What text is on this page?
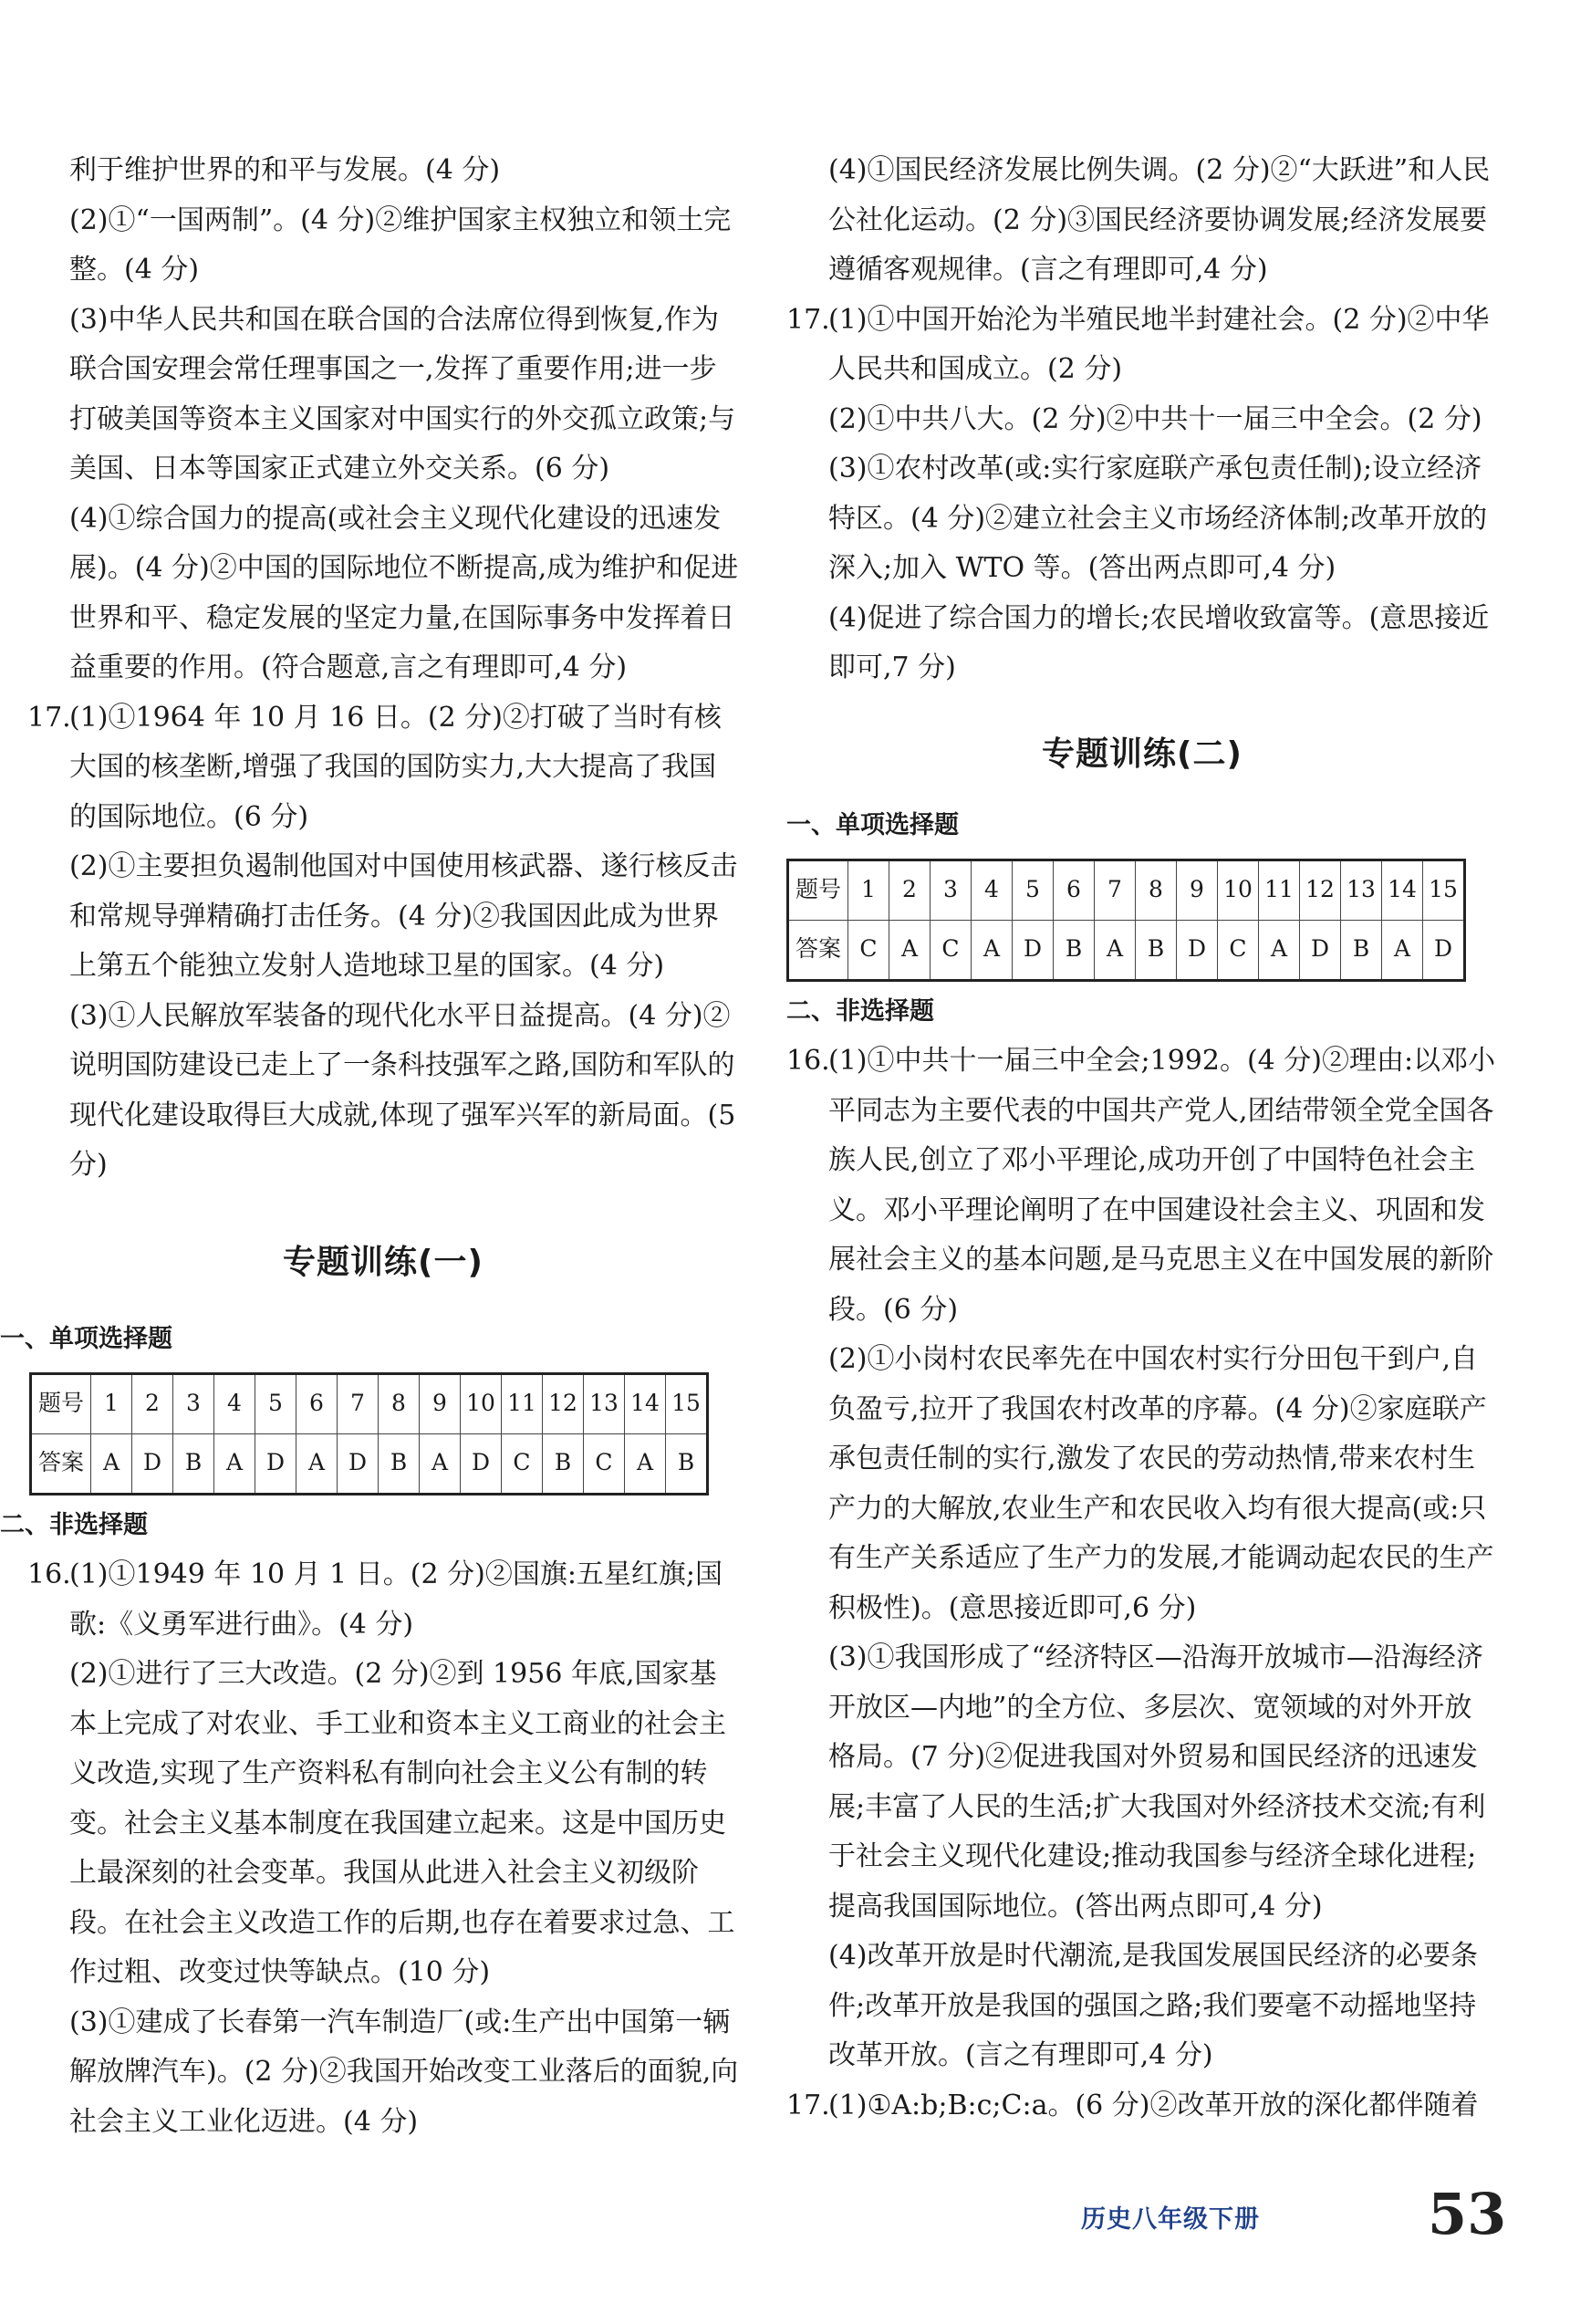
利于维护世界的和平与发展。(4 分)

(2)①“一国两制”。(4 分)②维护国家主权独立和领土完整。(4 分)

(3)中华人民共和国在联合国的合法席位得到恢复,作为联合国安理会常任理事国之一,发挥了重要作用;进一步打破美国等资本主义国家对中国实行的外交孤立政策;与美国、日本等国家正式建立外交关系。(6 分)

(4)①综合国力的提高(或社会主义现代化建设的迅速发展)。(4 分)②中国的国际地位不断提高,成为维护和促进世界和平、稳定发展的坚定力量,在国际事务中发挥着日益重要的作用。(符合题意,言之有理即可,4 分)

17.

(1)①1964 年 10 月 16 日。(2 分)②打破了当时有核大国的核垄断,增强了我国的国防实力,大大提高了我国的国际地位。(6 分)

(2)①主要担负遏制他国对中国使用核武器、遂行核反击和常规导弹精确打击任务。(4 分)②我国因此成为世界上第五个能独立发射人造地球卫星的国家。(4 分)

(3)①人民解放军装备的现代化水平日益提高。(4 分)②说明国防建设已走上了一条科技强军之路,国防和军队的现代化建设取得巨大成就,体现了强军兴军的新局面。(5 分)

专题训练(一)

一、单项选择题

题号	1	2	3	4	5	6	7	8	9	10	11	12	13	14	15
答案	A	D	B	A	D	A	D	B	A	D	C	B	C	A	B

二、非选择题

16.

(1)①1949 年 10 月 1 日。(2 分)②国旗:五星红旗;国歌:《义勇军进行曲》。(4 分)

(2)①进行了三大改造。(2 分)②到 1956 年底,国家基本上完成了对农业、手工业和资本主义工商业的社会主义改造,实现了生产资料私有制向社会主义公有制的转变。社会主义基本制度在我国建立起来。这是中国历史上最深刻的社会变革。我国从此进入社会主义初级阶段。在社会主义改造工作的后期,也存在着要求过急、工作过粗、改变过快等缺点。(10 分)

(3)①建成了长春第一汽车制造厂(或:生产出中国第一辆解放牌汽车)。(2 分)②我国开始改变工业落后的面貌,向社会主义工业化迈进。(4 分)

(4)①国民经济发展比例失调。(2 分)②“大跃进”和人民公社化运动。(2 分)③国民经济要协调发展;经济发展要遵循客观规律。(言之有理即可,4 分)

17.

(1)①中国开始沦为半殖民地半封建社会。(2 分)②中华人民共和国成立。(2 分)

(2)①中共八大。(2 分)②中共十一届三中全会。(2 分)

(3)①农村改革(或:实行家庭联产承包责任制);设立经济特区。(4 分)②建立社会主义市场经济体制;改革开放的深入;加入 WTO 等。(答出两点即可,4 分)

(4)促进了综合国力的增长;农民增收致富等。(意思接近即可,7 分)

专题训练(二)

一、单项选择题

题号	1	2	3	4	5	6	7	8	9	10	11	12	13	14	15
答案	C	A	C	A	D	B	A	B	D	C	A	D	B	A	D

二、非选择题

16.

(1)①中共十一届三中全会;1992。(4 分)②理由:以邓小平同志为主要代表的中国共产党人,团结带领全党全国各族人民,创立了邓小平理论,成功开创了中国特色社会主义。邓小平理论阐明了在中国建设社会主义、巩固和发展社会主义的基本问题,是马克思主义在中国发展的新阶段。(6 分)

(2)①小岗村农民率先在中国农村实行分田包干到户,自负盈亏,拉开了我国农村改革的序幕。(4 分)②家庭联产承包责任制的实行,激发了农民的劳动热情,带来农村生产力的大解放,农业生产和农民收入均有很大提高(或:只有生产关系适应了生产力的发展,才能调动起农民的生产积极性)。(意思接近即可,6 分)

(3)①我国形成了“经济特区—沿海开放城市—沿海经济开放区—内地”的全方位、多层次、宽领域的对外开放格局。(7 分)②促进我国对外贸易和国民经济的迅速发展;丰富了人民的生活;扩大我国对外经济技术交流;有利于社会主义现代化建设;推动我国参与经济全球化进程;提高我国国际地位。(答出两点即可,4 分)

(4)改革开放是时代潮流,是我国发展国民经济的必要条件;改革开放是我国的强国之路;我们要毫不动摇地坚持改革开放。(言之有理即可,4 分)

17.

(1)①A:b;B:c;C:a。(6 分)②改革开放的深化都伴随着

历史八年级下册	53
